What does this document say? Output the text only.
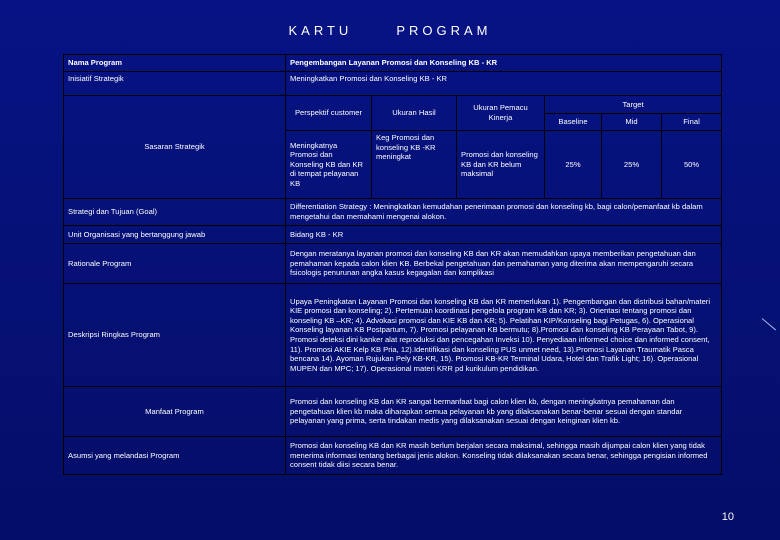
KARTU	PROGRAM
Nama Program	Pengembangan Layanan Promosi dan Konseling KB - KR					
Inisiatif Strategik	Meningkatkan Promosi dan Konseling KB - KR					
Sasaran Strategik	Perspektif customer	Ukuran Hasil	Ukuran Pemacu Kinerja	Target		
				Baseline	Mid	Final
	Meningkatnya Promosi dan Konseling KB dan KR di tempat pelayanan KB	Keg Promosi dan konseling KB -KR meningkat	Promosi dan konseling KB dan KR belum maksimal	25%	25%	50%
Strategi dan Tujuan (Goal)	Differentiation Strategy : Meningkatkan kemudahan penerimaan promosi dan konseling kb, bagi calon/pemanfaat kb dalam mengetahui dan memahami mengenai alokon.					
Unit Organisasi yang bertanggung jawab	Bidang KB - KR					
Rationale Program	Dengan meratanya layanan promosi dan konseling KB dan KR akan memudahkan upaya memberikan pengetahuan dan pemahaman kepada calon klien KB. Berbekal pengetahuan dan pemahaman yang diterima akan mempengaruhi secara fsicologis penurunan angka kasus kegagalan dan komplikasi					
Deskripsi Ringkas Program	Upaya Peningkatan Layanan Promosi dan konseling KB dan KR memerlukan 1). Pengembangan dan distribusi bahan/materi KIE promosi dan konseling; 2). Pertemuan koordinasi pengelola program KB dan KR; 3). Orientasi tentang promosi dan konseling KB –KR; 4). Advokasi promosi dan KIE KB dan KR; 5). Pelatihan KIP/Konseling bagi Petugas, 6). Operasional Konseling layanan KB Postpartum, 7). Promosi pelayanan KB bermutu; 8).Promosi dan konseling KB Perayaan Tabot, 9). Promosi deteksi dini kanker alat reproduksi dan pencegahan Inveksi 10). Penyediaan informed choice dan informed consent, 11). Promosi AKIE Kelp KB Pria, 12).Identifikasi dan konseling PUS unmet need, 13).Promosi Layanan Traumatik Pasca bencana 14). Ayoman Rujukan Pely KB-KR, 15). Promosi KB-KR Terminal Udara, Hotel dan Trafik Light; 16). Operasional MUPEN dan MPC; 17). Operasional materi KRR pd kurikulum pendidikan.					
Manfaat Program	Promosi dan konseling KB dan KR sangat bermanfaat bagi calon klien kb, dengan meningkatnya pemahaman dan pengetahuan klien kb maka diharapkan semua pelayanan kb yang dilaksanakan benar-benar sesuai dengan standar pelayanan yang prima, serta tindakan medis yang dilaksanakan sesuai dengan keinginan klien kb.					
Asumsi yang melandasi Program	Promosi dan konseling KB dan KR masih berlum berjalan secara maksimal, sehingga masih dijumpai calon klien yang tidak menerima informasi tentang berbagai jenis alokon. Konseling tidak dilaksanakan secara benar, sehingga pengisian informed consent tidak diisi secara benar.					
10
